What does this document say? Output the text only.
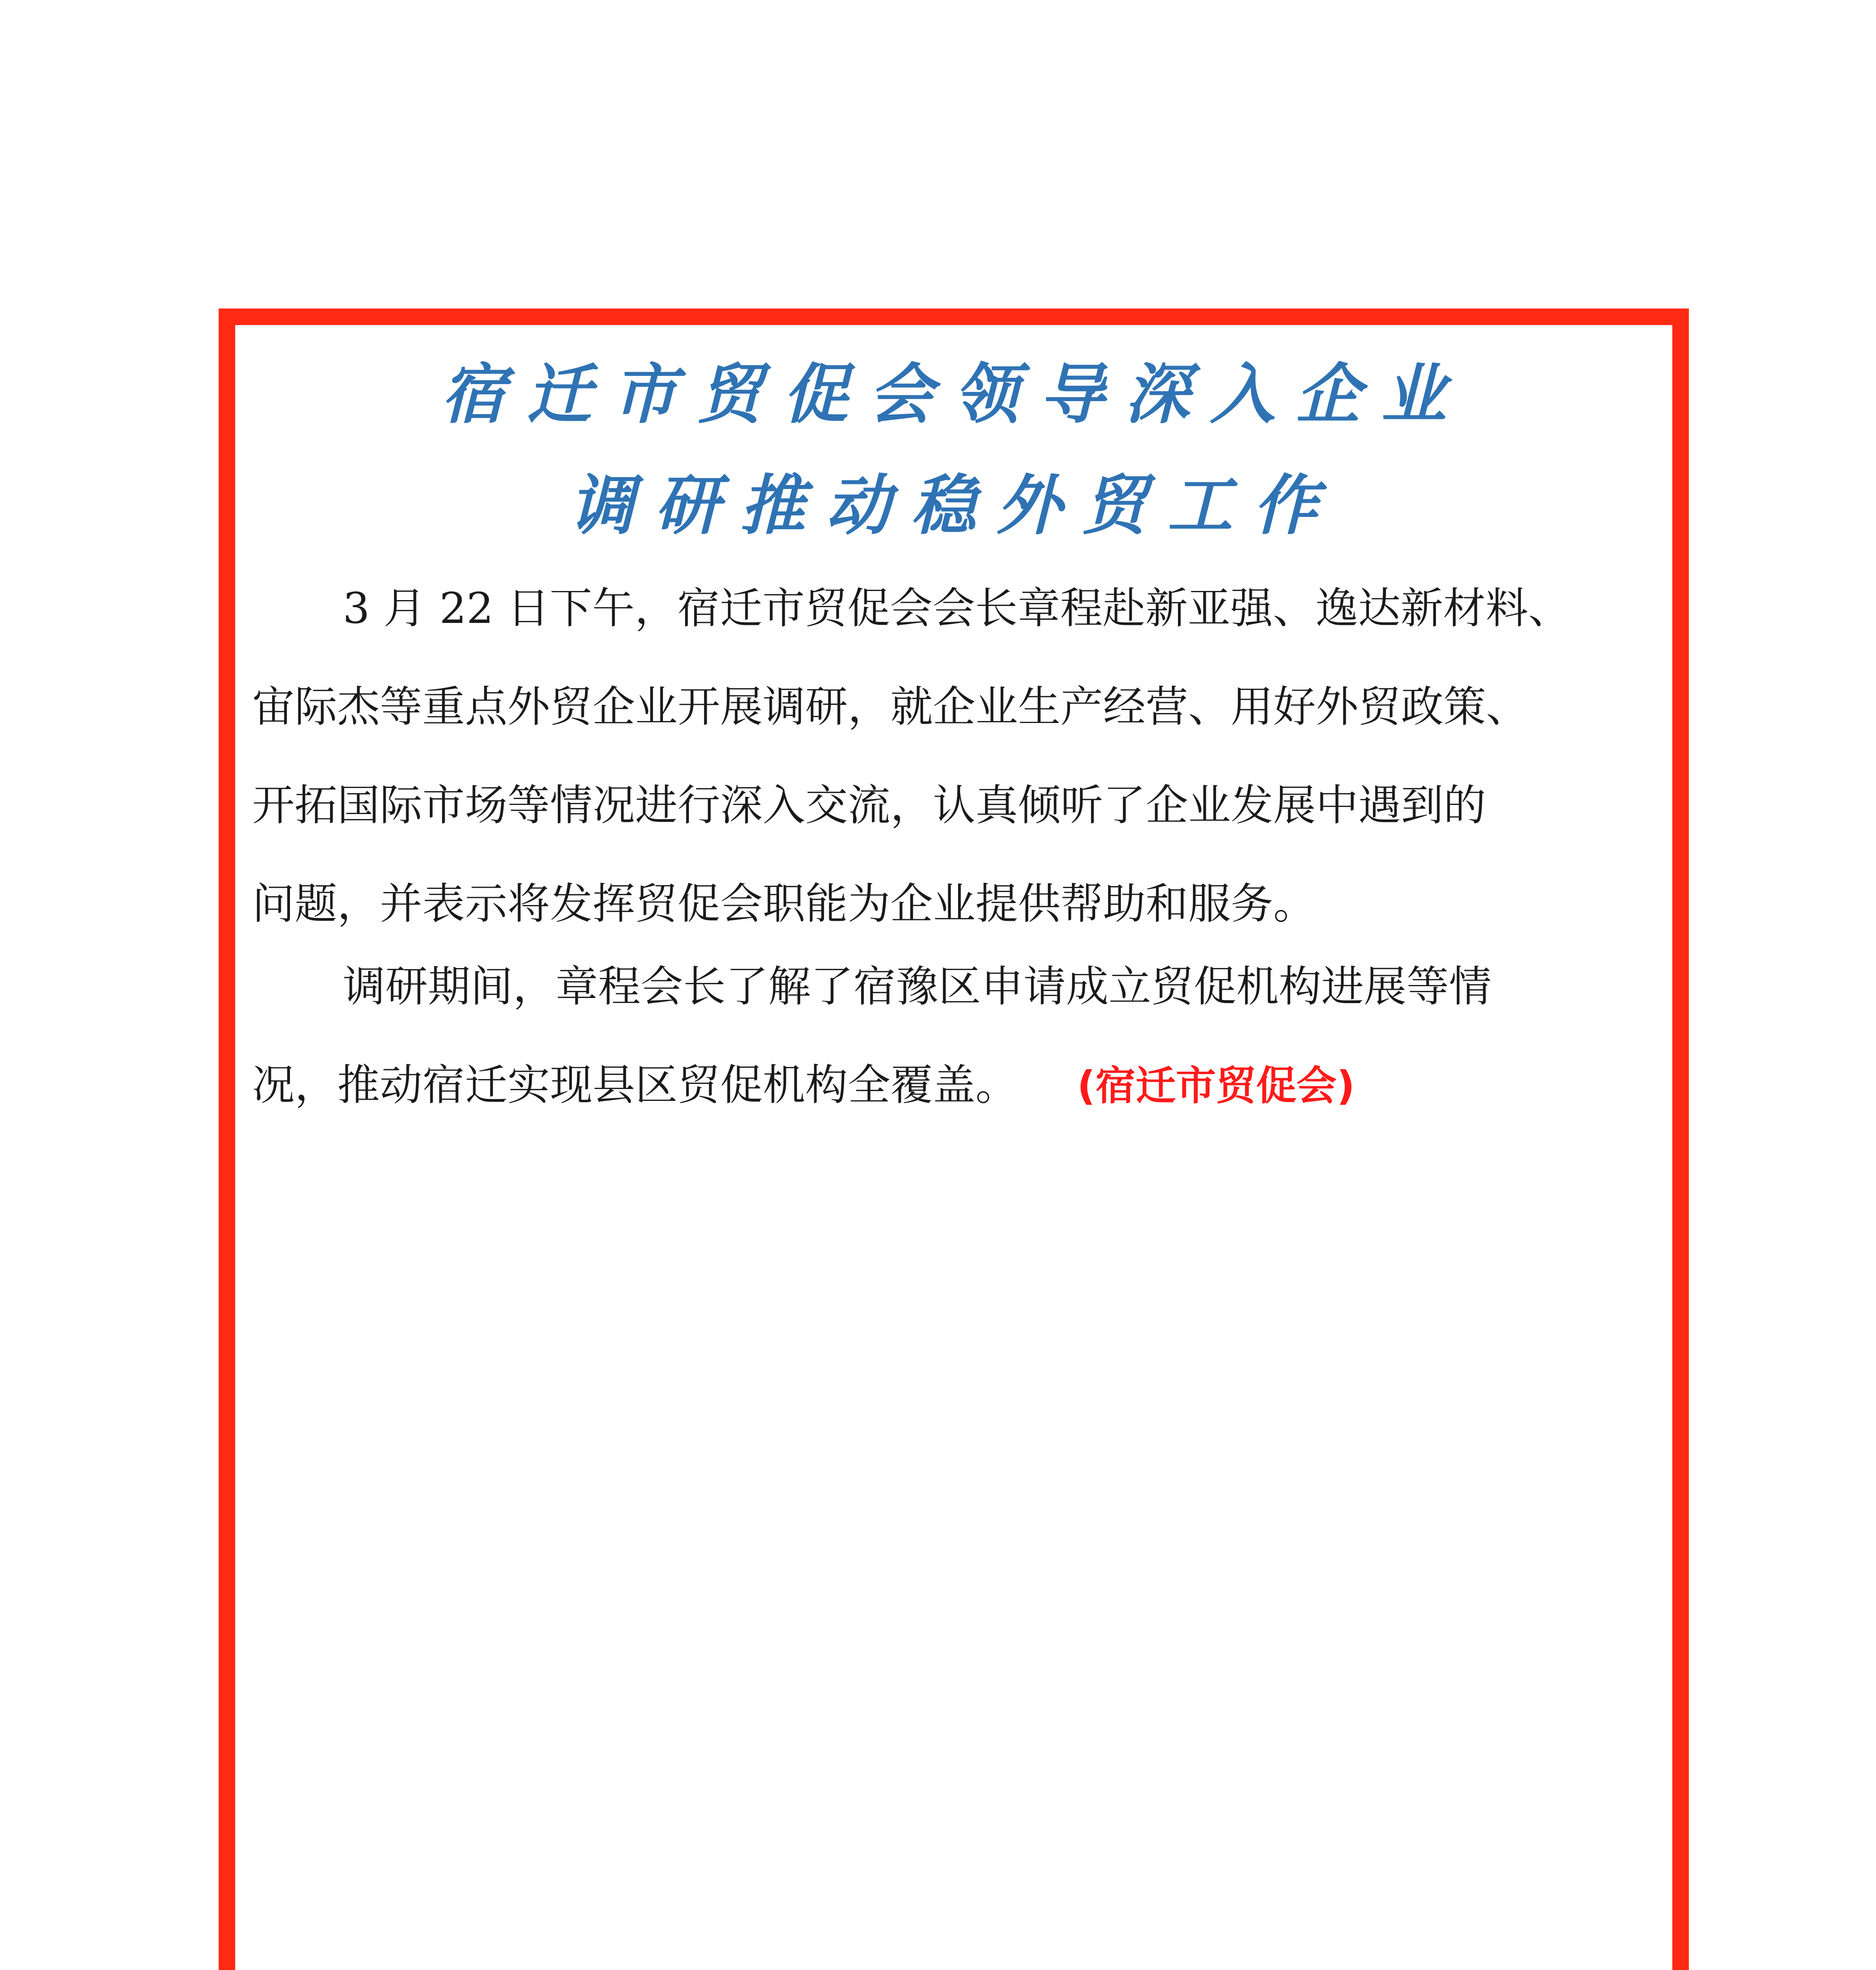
宿迁市贸促会领导深入企业
调研推动稳外贸工作
3 月 22 日下午，宿迁市贸促会会长章程赴新亚强、逸达新材料、
宙际杰等重点外贸企业开展调研，就企业生产经营、用好外贸政策、
开拓国际市场等情况进行深入交流，认真倾听了企业发展中遇到的
问题，并表示将发挥贸促会职能为企业提供帮助和服务。
调研期间，章程会长了解了宿豫区申请成立贸促机构进展等情
况，推动宿迁实现县区贸促机构全覆盖。 (宿迁市贸促会)
